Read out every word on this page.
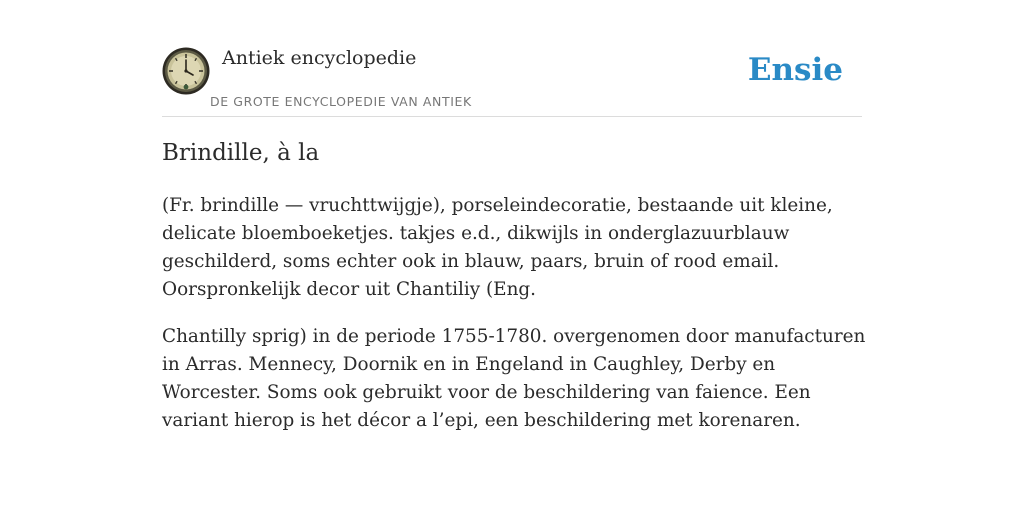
Antiek encyclopedie
DE GROTE ENCYCLOPEDIE VAN ANTIEK
Ensie
Brindille, à la

(Fr. brindille — vruchttwijgje), porseleindecoratie, bestaande uit kleine, delicate bloemboeketjes. takjes e.d., dikwijls in onderglazuurblauw geschilderd, soms echter ook in blauw, paars, bruin of rood email. Oorspronkelijk decor uit Chantiliy (Eng.

Chantilly sprig) in de periode 1755-1780. overgenomen door manufacturen in Arras. Mennecy, Doornik en in Engeland in Caughley, Derby en Worcester. Soms ook gebruikt voor de beschildering van faience. Een variant hierop is het décor a l’epi, een beschildering met korenaren.
